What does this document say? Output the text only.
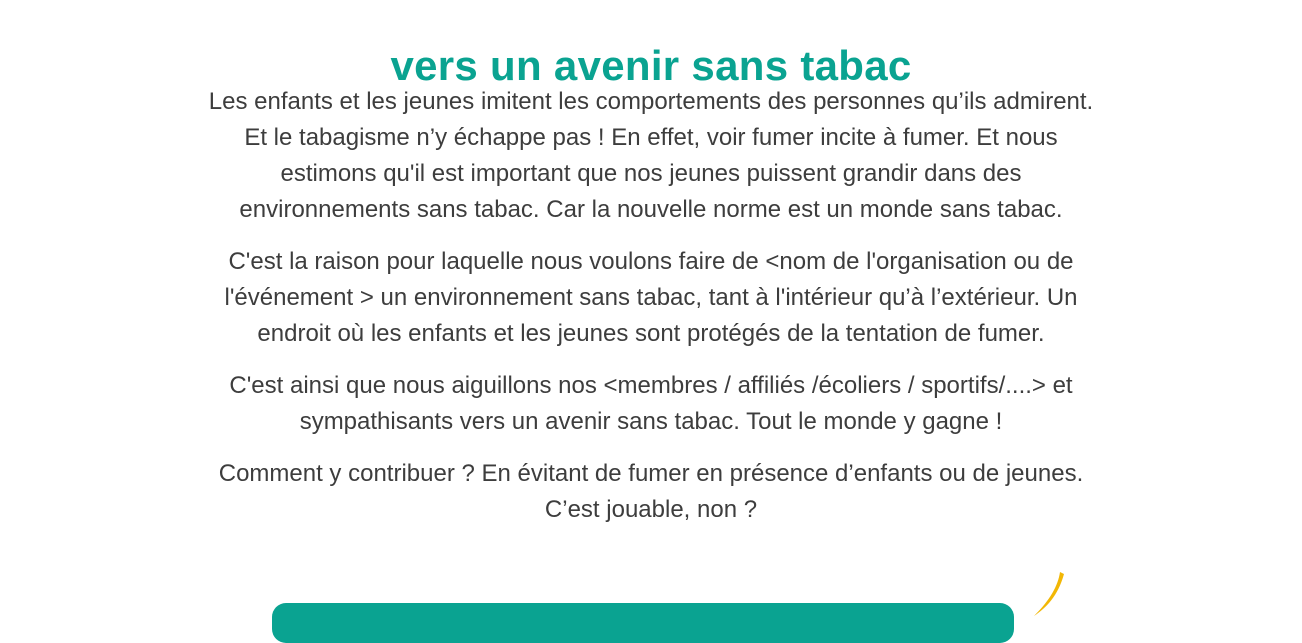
vers un avenir sans tabac

Les enfants et les jeunes imitent les comportements des personnes qu’ils admirent.
Et le tabagisme n’y échappe pas ! En effet, voir fumer incite à fumer. Et nous
estimons qu'il est important que nos jeunes puissent grandir dans des
environnements sans tabac. Car la nouvelle norme est un monde sans tabac.

C'est la raison pour laquelle nous voulons faire de <nom de l'organisation ou de
l'événement > un environnement sans tabac, tant à l'intérieur qu’à l’extérieur. Un
endroit où les enfants et les jeunes sont protégés de la tentation de fumer.

C'est ainsi que nous aiguillons nos <membres / affiliés /écoliers / sportifs/....> et
sympathisants vers un avenir sans tabac. Tout le monde y gagne !

Comment y contribuer ? En évitant de fumer en présence d’enfants ou de jeunes.
C’est jouable, non ?
